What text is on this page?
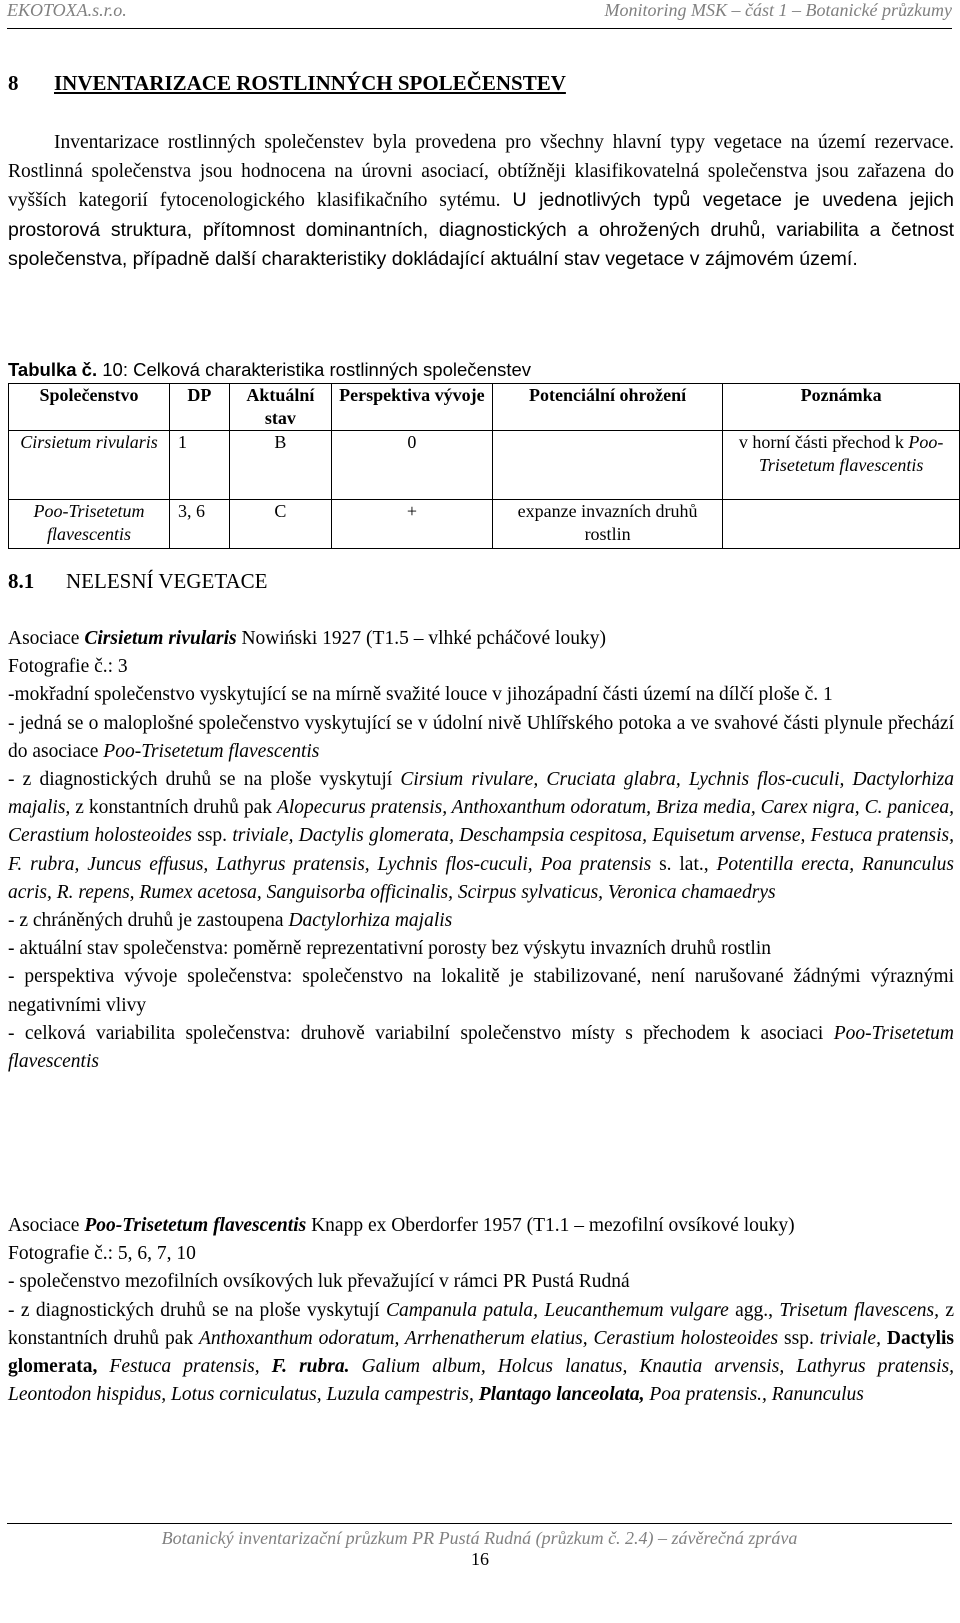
EKOTOXA.s.r.o.	Monitoring MSK – část 1 – Botanické průzkumy
8 INVENTARIZACE ROSTLINNÝCH SPOLEČENSTEV

Inventarizace rostlinných společenstev byla provedena pro všechny hlavní typy vegetace na území rezervace. Rostlinná společenstva jsou hodnocena na úrovni asociací, obtížněji klasifikovatelná společenstva jsou zařazena do vyšších kategorií fytocenologického klasifikačního sytému. U jednotlivých typů vegetace je uvedena jejich prostorová struktura, přítomnost dominantních, diagnostických a ohrožených druhů, variabilita a četnost společenstva, případně další charakteristiky dokládající aktuální stav vegetace v zájmovém území.

Tabulka č. 10: Celková charakteristika rostlinných společenstev
Společenstvo	DP	Aktuální stav	Perspektiva vývoje	Potenciální ohrožení	Poznámka
Cirsietum rivularis	1	B	0		v horní části přechod k Poo-Trisetetum flavescentis
Poo-Trisetetum flavescentis	3, 6	C	+	expanze invazních druhů rostlin	
8.1 NELESNÍ VEGETACE

Asociace Cirsietum rivularis Nowiński 1927 (T1.5 – vlhké pcháčové louky)

Fotografie č.: 3

-mokřadní společenstvo vyskytující se na mírně svažité louce v jihozápadní části území na dílčí ploše č. 1

- jedná se o maloplošné společenstvo vyskytující se v údolní nivě Uhlířského potoka a ve svahové části plynule přechází do asociace Poo-Trisetetum flavescentis

- z diagnostických druhů se na ploše vyskytují Cirsium rivulare, Cruciata glabra, Lychnis flos-cuculi, Dactylorhiza majalis, z konstantních druhů pak Alopecurus pratensis, Anthoxanthum odoratum, Briza media, Carex nigra, C. panicea, Cerastium holosteoides ssp. triviale, Dactylis glomerata, Deschampsia cespitosa, Equisetum arvense, Festuca pratensis, F. rubra, Juncus effusus, Lathyrus pratensis, Lychnis flos-cuculi, Poa pratensis s. lat., Potentilla erecta, Ranunculus acris, R. repens, Rumex acetosa, Sanguisorba officinalis, Scirpus sylvaticus, Veronica chamaedrys

- z chráněných druhů je zastoupena Dactylorhiza majalis

- aktuální stav společenstva: poměrně reprezentativní porosty bez výskytu invazních druhů rostlin

- perspektiva vývoje společenstva: společenstvo na lokalitě je stabilizované, není narušované žádnými výraznými negativními vlivy

- celková variabilita společenstva: druhově variabilní společenstvo místy s přechodem k asociaci Poo-Trisetetum flavescentis

Asociace Poo-Trisetetum flavescentis Knapp ex Oberdorfer 1957 (T1.1 – mezofilní ovsíkové louky)

Fotografie č.: 5, 6, 7, 10

- společenstvo mezofilních ovsíkových luk převažující v rámci PR Pustá Rudná

- z diagnostických druhů se na ploše vyskytují Campanula patula, Leucanthemum vulgare agg., Trisetum flavescens, z konstantních druhů pak Anthoxanthum odoratum, Arrhenatherum elatius, Cerastium holosteoides ssp. triviale, Dactylis glomerata, Festuca pratensis, F. rubra. Galium album, Holcus lanatus, Knautia arvensis, Lathyrus pratensis, Leontodon hispidus, Lotus corniculatus, Luzula campestris, Plantago lanceolata, Poa pratensis., Ranunculus

Botanický inventarizační průzkum PR Pustá Rudná (průzkum č. 2.4) – závěrečná zpráva
16
